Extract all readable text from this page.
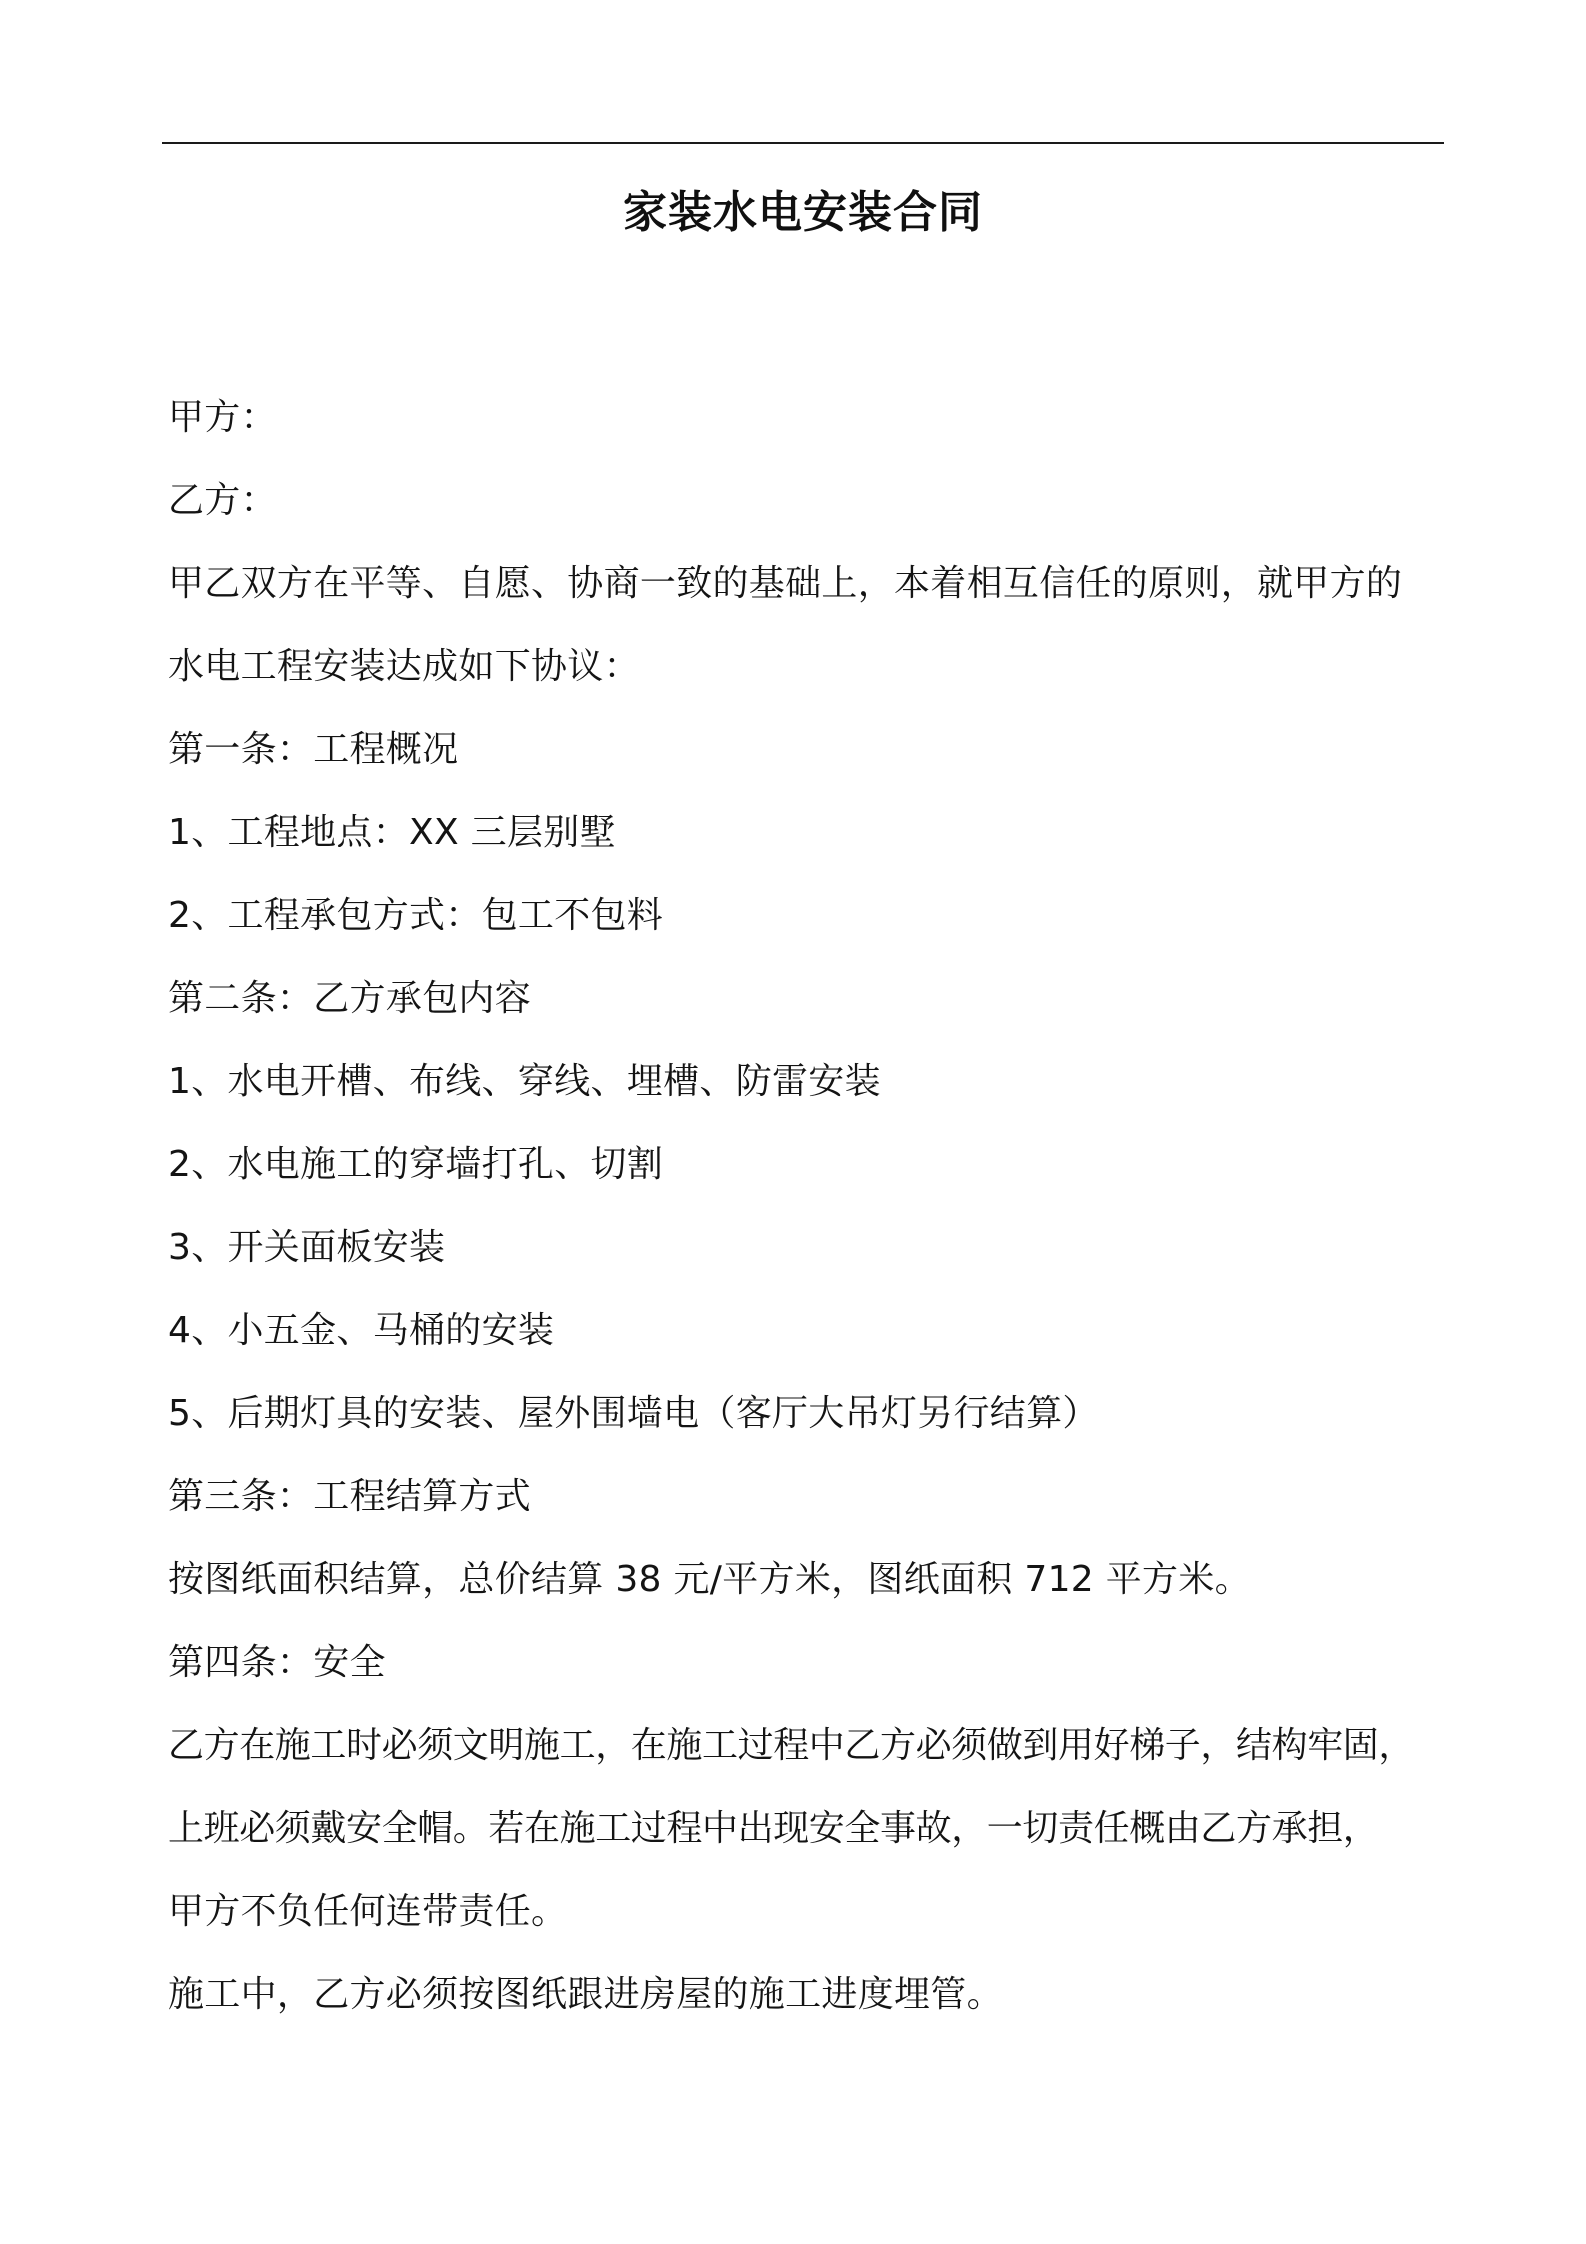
家装水电安装合同
甲方：
乙方：
甲乙双方在平等、自愿、协商一致的基础上，本着相互信任的原则，就甲方的
水电工程安装达成如下协议：
第一条：工程概况
1、工程地点：XX 三层别墅
2、工程承包方式：包工不包料
第二条：乙方承包内容
1、水电开槽、布线、穿线、埋槽、防雷安装
2、水电施工的穿墙打孔、切割
3、开关面板安装
4、小五金、马桶的安装
5、后期灯具的安装、屋外围墙电（客厅大吊灯另行结算）
第三条：工程结算方式
按图纸面积结算，总价结算 38 元/平方米，图纸面积 712 平方米。
第四条：安全
乙方在施工时必须文明施工，在施工过程中乙方必须做到用好梯子，结构牢固，
上班必须戴安全帽。若在施工过程中出现安全事故，一切责任概由乙方承担，
甲方不负任何连带责任。
施工中，乙方必须按图纸跟进房屋的施工进度埋管。
